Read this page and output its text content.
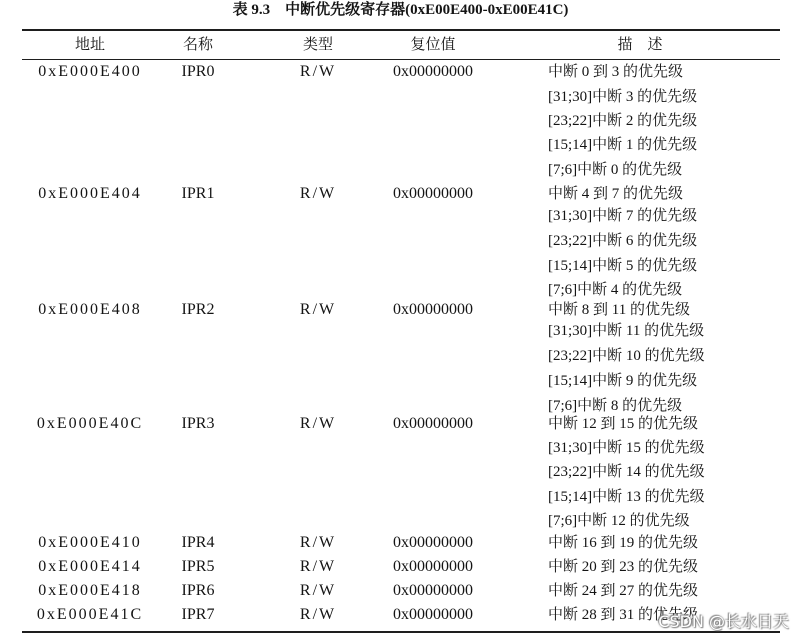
表 9.3　中断优先级寄存器(0xE00E400-0xE00E41C)
地址	名称	类型	复位值	描　述
0xE000E400	IPR0	R/W	0x00000000	中断 0 到 3 的优先级
[31;30]中断 3 的优先级
[23;22]中断 2 的优先级
[15;14]中断 1 的优先级
[7;6]中断 0 的优先级
0xE000E404	IPR1	R/W	0x00000000	中断 4 到 7 的优先级
[31;30]中断 7 的优先级
[23;22]中断 6 的优先级
[15;14]中断 5 的优先级
[7;6]中断 4 的优先级
0xE000E408	IPR2	R/W	0x00000000	中断 8 到 11 的优先级
[31;30]中断 11 的优先级
[23;22]中断 10 的优先级
[15;14]中断 9 的优先级
[7;6]中断 8 的优先级
0xE000E40C	IPR3	R/W	0x00000000	中断 12 到 15 的优先级
[31;30]中断 15 的优先级
[23;22]中断 14 的优先级
[15;14]中断 13 的优先级
[7;6]中断 12 的优先级
0xE000E410	IPR4	R/W	0x00000000	中断 16 到 19 的优先级
0xE000E414	IPR5	R/W	0x00000000	中断 20 到 23 的优先级
0xE000E418	IPR6	R/W	0x00000000	中断 24 到 27 的优先级
0xE000E41C	IPR7	R/W	0x00000000	中断 28 到 31 的优先级
CSDN @长水日天
